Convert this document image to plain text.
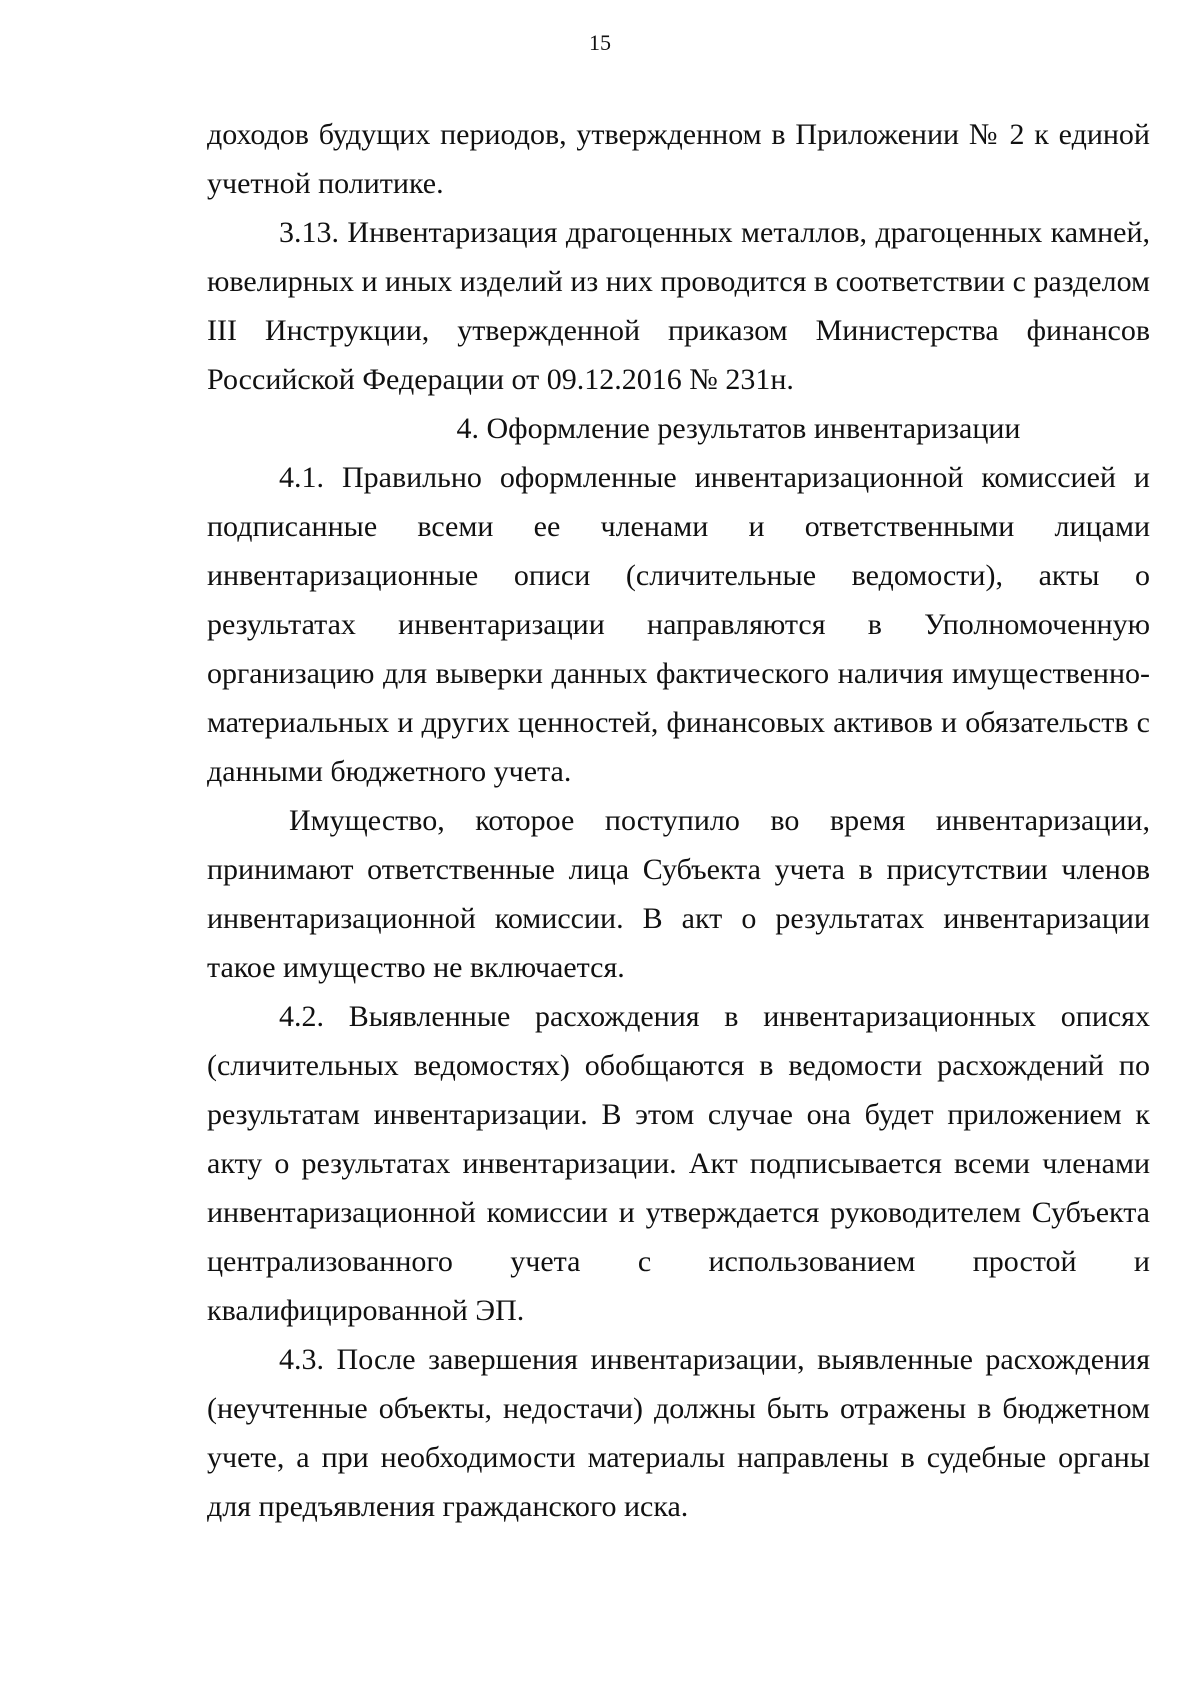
15

доходов будущих периодов, утвержденном в Приложении № 2 к единой учетной политике.

3.13. Инвентаризация драгоценных металлов, драгоценных камней, ювелирных и иных изделий из них проводится в соответствии с разделом III Инструкции, утвержденной приказом Министерства финансов Российской Федерации от 09.12.2016 № 231н.

4. Оформление результатов инвентаризации

4.1. Правильно оформленные инвентаризационной комиссией и подписанные всеми ее членами и ответственными лицами инвентаризационные описи (сличительные ведомости), акты о результатах инвентаризации направляются в Уполномоченную организацию для выверки данных фактического наличия имущественно-материальных и других ценностей, финансовых активов и обязательств с данными бюджетного учета.

Имущество, которое поступило во время инвентаризации, принимают ответственные лица Субъекта учета в присутствии членов инвентаризационной комиссии. В акт о результатах инвентаризации такое имущество не включается.

4.2. Выявленные расхождения в инвентаризационных описях (сличительных ведомостях) обобщаются в ведомости расхождений по результатам инвентаризации. В этом случае она будет приложением к акту о результатах инвентаризации. Акт подписывается всеми членами инвентаризационной комиссии и утверждается руководителем Субъекта централизованного учета с использованием простой и квалифицированной ЭП.

4.3. После завершения инвентаризации, выявленные расхождения (неучтенные объекты, недостачи) должны быть отражены в бюджетном учете, а при необходимости материалы направлены в судебные органы для предъявления гражданского иска.
